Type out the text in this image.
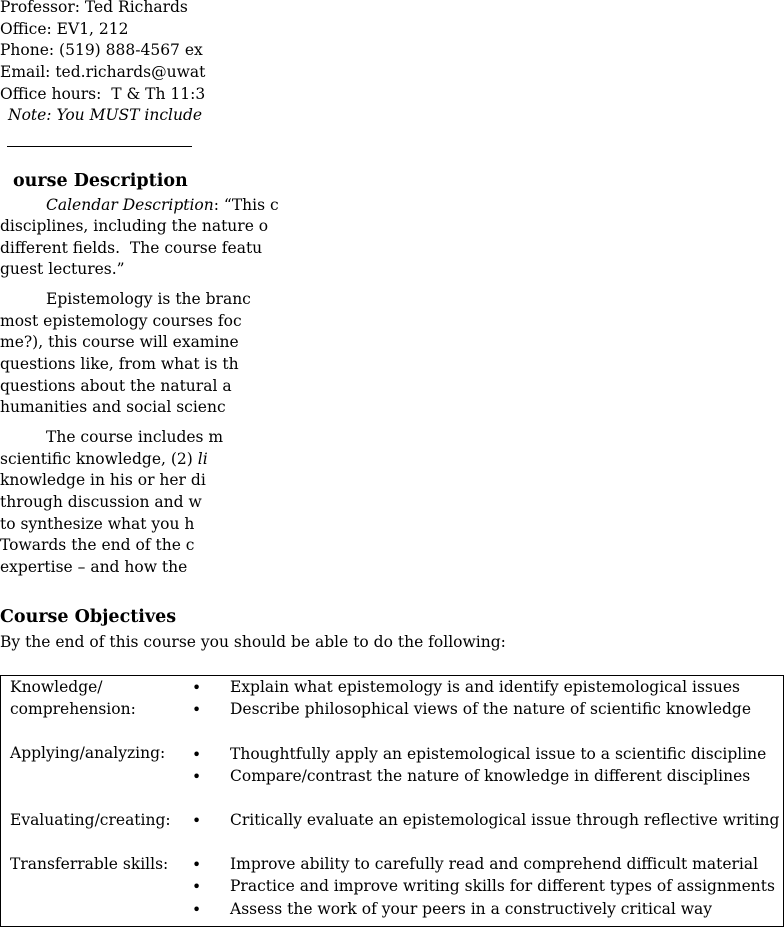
Professor: Ted Richards
Office: EV1, 212
Phone: (519) 888-4567 ex
Email: ted.richards@uwat
Office hours:  T & Th 11:3
Note: You MUST include
ourse Description
Calendar Description: “This c
disciplines, including the nature o
different fields.  The course featu
guest lectures.”
Epistemology is the branc
most epistemology courses foc
me?), this course will examine
questions like, from what is th
questions about the natural a
humanities and social scienc
The course includes m
scientific knowledge, (2) li
knowledge in his or her di
through discussion and w
to synthesize what you h
Towards the end of the c
expertise – and how the
Course Objectives
By the end of this course you should be able to do the following:
Knowledge/
comprehension:
• Explain what epistemology is and identify epistemological issues
• Describe philosophical views of the nature of scientific knowledge
Applying/analyzing: • Thoughtfully apply an epistemological issue to a scientific discipline
• Compare/contrast the nature of knowledge in different disciplines
Evaluating/creating: • Critically evaluate an epistemological issue through reflective writing
Transferrable skills: • Improve ability to carefully read and comprehend difficult material
• Practice and improve writing skills for different types of assignments
• Assess the work of your peers in a constructively critical way
